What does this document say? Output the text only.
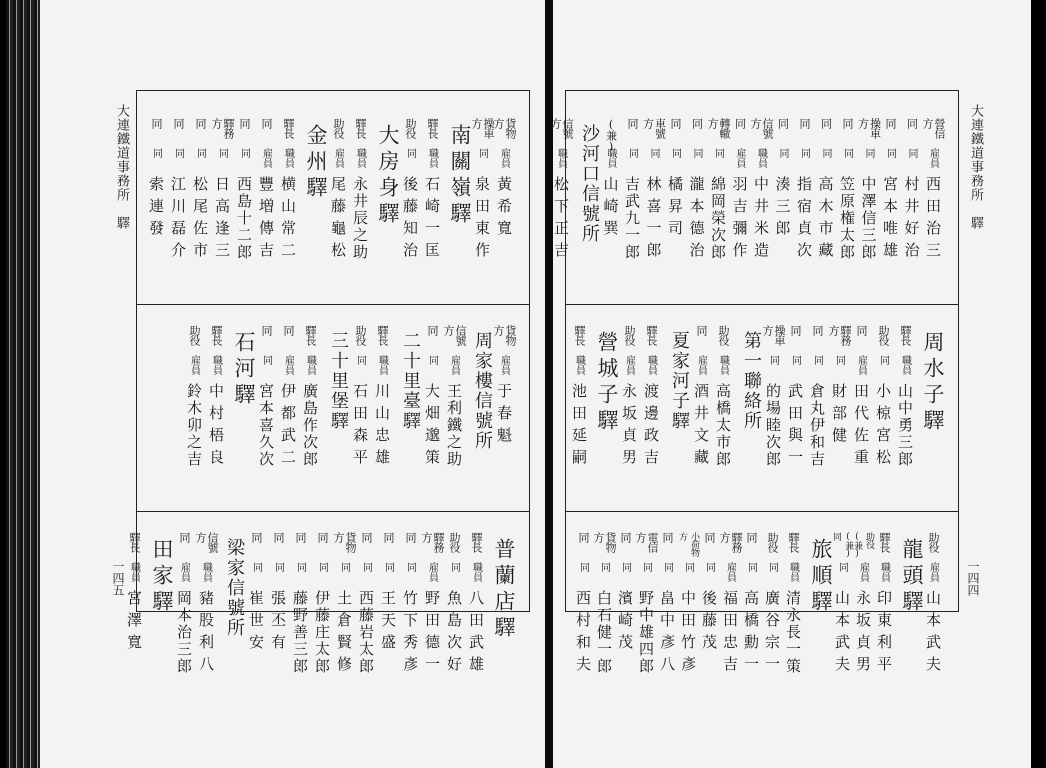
大連鐵道事務所　驛
一四五
貨物方
雇員
黃希寬
操車方
同
泉田東作
南關嶺驛
驛長
職員
石崎一匡
助役
同
後藤知治
大房身驛
驛長
職員
永井辰之助
助役
雇員
尾藤龜松
金州驛
驛長
職員
横山常二
同
雇員
豐増傳吉
同
同
西島十二郎
驛務方
同
日高逢三
同
同
松尾佐市
同
同
江川磊介
同
同
索連發
貨物方
雇員
于春魁
周家樓信號所
信號方
雇員
王利鐵之助
同
同
大畑邈策
二十里臺驛
驛長
職員
川山忠雄
助役
同
石田森平
三十里堡驛
驛長
職員
廣島作次郎
同
雇員
伊都武二
同
同
宮本喜久次
石河驛
驛長
職員
中村梧良
助役
雇員
鈴木卯之吉
普蘭店驛
驛長
職員
八田武雄
助役
同
魚島次好
驛務方
雇員
野田德一
同
同
竹下秀彥
同
同
王天盛
同
同
西藤岩太郎
貨物方
同
土倉賢修
同
同
伊藤庄太郎
同
同
藤野善三郎
同
同
張丕有
同
同
崔世安
梁家信號所
信號方
職員
豬股利八
同
雇員
岡本治三郎
田家驛
驛長
職員
宮澤寬
大連鐵道事務所　驛
一四四
營信方
雇員
西田治三
同
同
村井好治
同
同
宮本唯雄
操車方
同
中澤信三郎
同
同
笠原権太郎
同
同
高木市藏
同
同
指宿貞次
同
同
湊三郎
信號方
職員
中井米造
同
雇員
羽吉彌作
轉轍方
同
綿岡榮次郎
同
同
瀧本德治
同
同
橘昇司
車號方
同
林喜一郎
同
同
吉武九一郎
(兼)
職員
山崎巽
沙河口信號所
信號方
職員
松下正吉
周水子驛
驛長
職員
山中勇三郎
助役
同
小椋宮松
同
雇員
田代佐重
驛務方
同
財部健
同
同
倉丸伊和吉
同
同
武田與一
操車方
同
的場睦次郎
第一聯絡所
助役
職員
高橋太市郎
同
雇員
酒井文藏
夏家河子驛
驛長
職員
渡邊政吉
助役
雇員
永坂貞男
營城子驛
驛長
職員
池田延嗣
助役
雇員
山本武夫
龍頭驛
驛長
職員
印東利平
助役(兼)
雇員
永坂貞男
(兼)同
同
山本武夫
旅順驛
驛長
職員
清永長一策
助役
同
廣谷宗一
同
同
高橋勳一
驛務方
雇員
福田忠吉
同
同
後藤茂
小荷物方
同
中田竹彥
同
同
畠中彥八
電信方
同
野中雄四郎
同
同
濱崎茂
貨物方
同
白石健一郎
同
同
西村和夫
